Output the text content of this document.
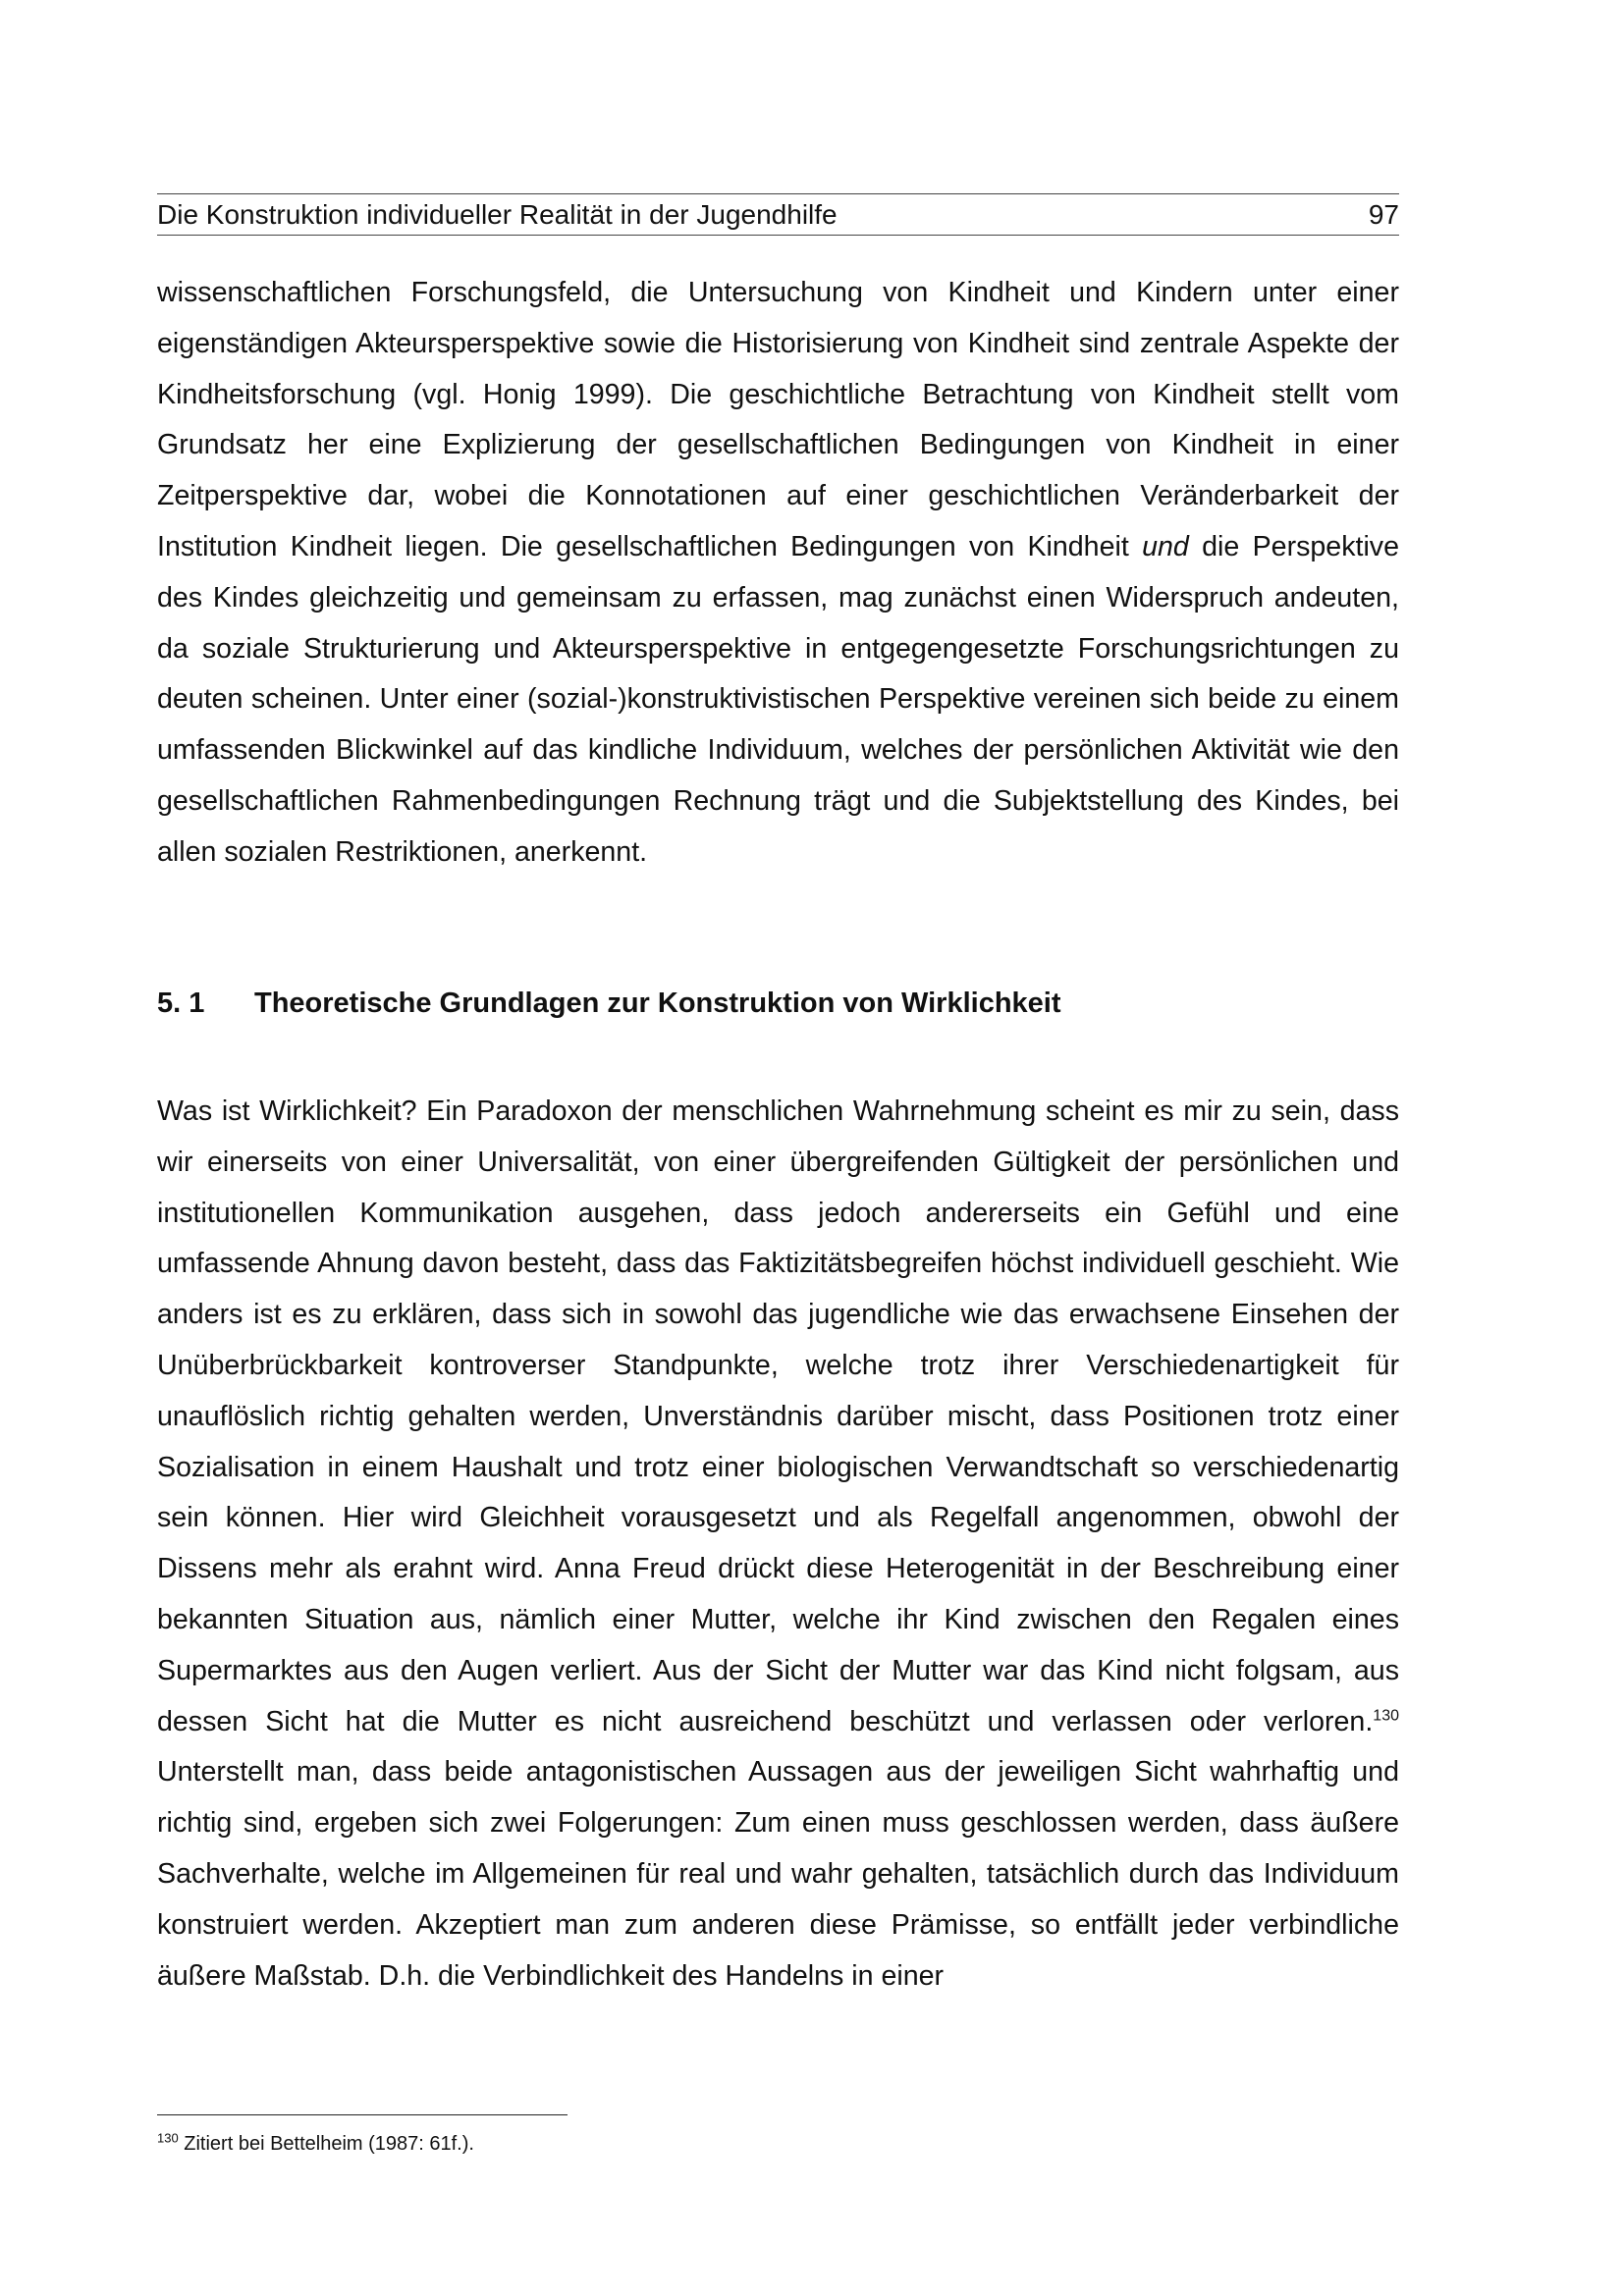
Die Konstruktion individueller Realität in der Jugendhilfe	97

wissenschaftlichen Forschungsfeld, die Untersuchung von Kindheit und Kindern unter einer eigenständigen Akteursperspektive sowie die Historisierung von Kindheit sind zentrale Aspekte der Kindheitsforschung (vgl. Honig 1999). Die geschichtliche Betrachtung von Kindheit stellt vom Grundsatz her eine Explizierung der gesellschaftlichen Bedingungen von Kindheit in einer Zeitperspektive dar, wobei die Konnotationen auf einer geschichtlichen Veränderbarkeit der Institution Kindheit liegen. Die gesellschaftlichen Bedingungen von Kindheit und die Perspektive des Kindes gleichzeitig und gemeinsam zu erfassen, mag zunächst einen Widerspruch andeuten, da soziale Strukturierung und Akteursperspektive in entgegengesetzte Forschungsrichtungen zu deuten scheinen. Unter einer (sozial-)konstruktivistischen Perspektive vereinen sich beide zu einem umfassenden Blickwinkel auf das kindliche Individuum, welches der persönlichen Aktivität wie den gesellschaftlichen Rahmenbedingungen Rechnung trägt und die Subjektstellung des Kindes, bei allen sozialen Restriktionen, anerkennt.

5. 1 Theoretische Grundlagen zur Konstruktion von Wirklichkeit

Was ist Wirklichkeit? Ein Paradoxon der menschlichen Wahrnehmung scheint es mir zu sein, dass wir einerseits von einer Universalität, von einer übergreifenden Gültigkeit der persönlichen und institutionellen Kommunikation ausgehen, dass jedoch andererseits ein Gefühl und eine umfassende Ahnung davon besteht, dass das Faktizitätsbegreifen höchst individuell geschieht. Wie anders ist es zu erklären, dass sich in sowohl das jugendliche wie das erwachsene Einsehen der Unüberbrückbarkeit kontroverser Standpunkte, welche trotz ihrer Verschiedenartigkeit für unauflöslich richtig gehalten werden, Unverständnis darüber mischt, dass Positionen trotz einer Sozialisation in einem Haushalt und trotz einer biologischen Verwandtschaft so verschiedenartig sein können. Hier wird Gleichheit vorausgesetzt und als Regelfall angenommen, obwohl der Dissens mehr als erahnt wird. Anna Freud drückt diese Heterogenität in der Beschreibung einer bekannten Situation aus, nämlich einer Mutter, welche ihr Kind zwischen den Regalen eines Supermarktes aus den Augen verliert. Aus der Sicht der Mutter war das Kind nicht folgsam, aus dessen Sicht hat die Mutter es nicht ausreichend beschützt und verlassen oder verloren.$^{130}$ Unterstellt man, dass beide antagonistischen Aussagen aus der jeweiligen Sicht wahrhaftig und richtig sind, ergeben sich zwei Folgerungen: Zum einen muss geschlossen werden, dass äußere Sachverhalte, welche im Allgemeinen für real und wahr gehalten, tatsächlich durch das Individuum konstruiert werden. Akzeptiert man zum anderen diese Prämisse, so entfällt jeder verbindliche äußere Maßstab. D.h. die Verbindlichkeit des Handelns in einer

$^{130}$ Zitiert bei Bettelheim (1987: 61f.).
